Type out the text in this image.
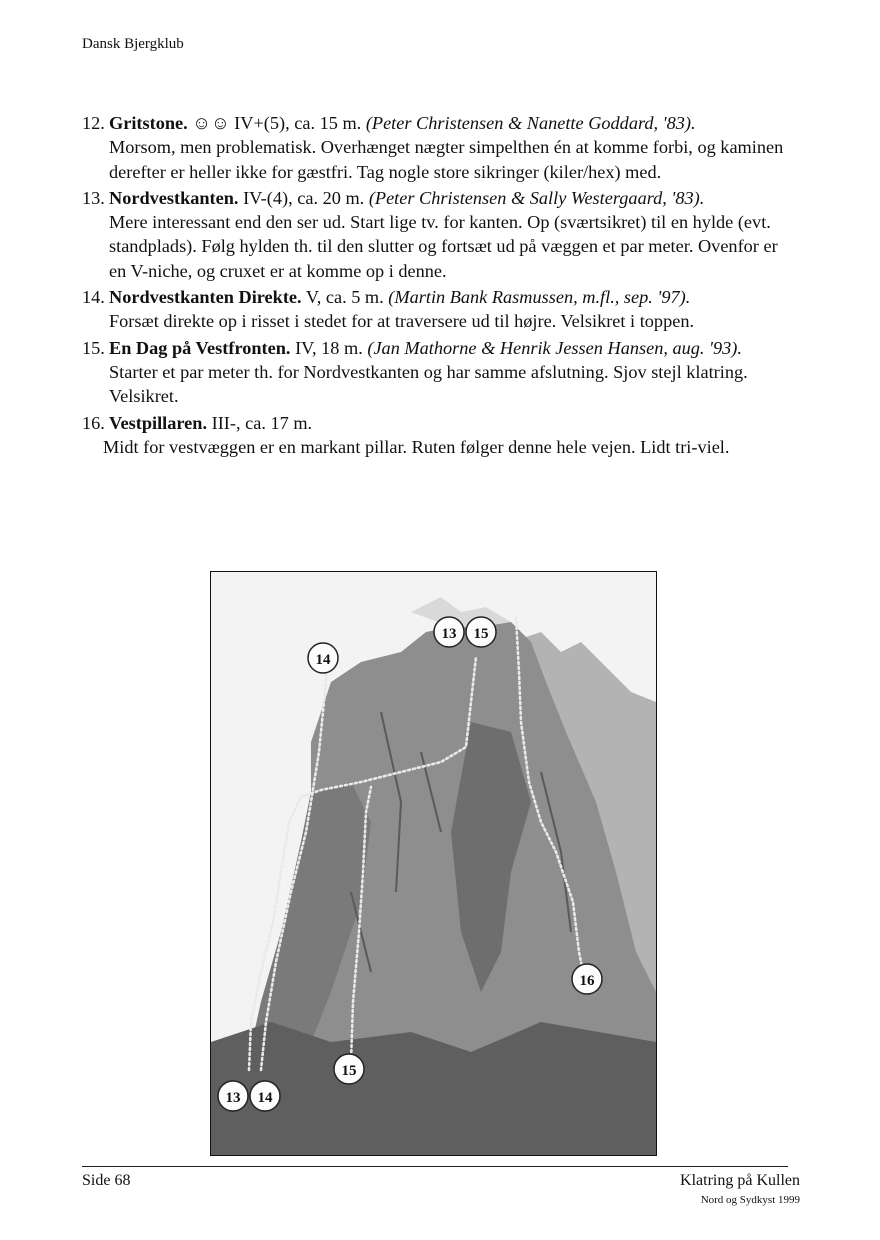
Dansk Bjergklub
12. Gritstone. ☺☺ IV+(5), ca. 15 m. (Peter Christensen & Nanette Goddard, '83).
Morsom, men problematisk. Overhænget nægter simpelthen én at komme forbi, og kaminen derefter er heller ikke for gæstfri. Tag nogle store sikringer (kiler/hex) med.
13. Nordvestkanten. IV-(4), ca. 20 m. (Peter Christensen & Sally Westergaard, '83).
Mere interessant end den ser ud. Start lige tv. for kanten. Op (sværtsikret) til en hylde (evt. standplads). Følg hylden th. til den slutter og fortsæt ud på væggen et par meter. Ovenfor er en V-niche, og cruxet er at komme op i denne.
14. Nordvestkanten Direkte. V, ca. 5 m. (Martin Bank Rasmussen, m.fl., sep. '97).
Forsæt direkte op i risset i stedet for at traversere ud til højre. Velsikret i toppen.
15. En Dag på Vestfronten. IV, 18 m. (Jan Mathorne & Henrik Jessen Hansen, aug. '93).
Starter et par meter th. for Nordvestkanten og har samme afslutning. Sjov stejl klatring. Velsikret.
16. Vestpillaren. III-, ca. 17 m.
Midt for vestvæggen er en markant pillar. Ruten følger denne hele vejen. Lidt tri-viel.
13 15
14
16
15
13 14
Side 68	Klatring på Kullen
Nord og Sydkyst 1999
